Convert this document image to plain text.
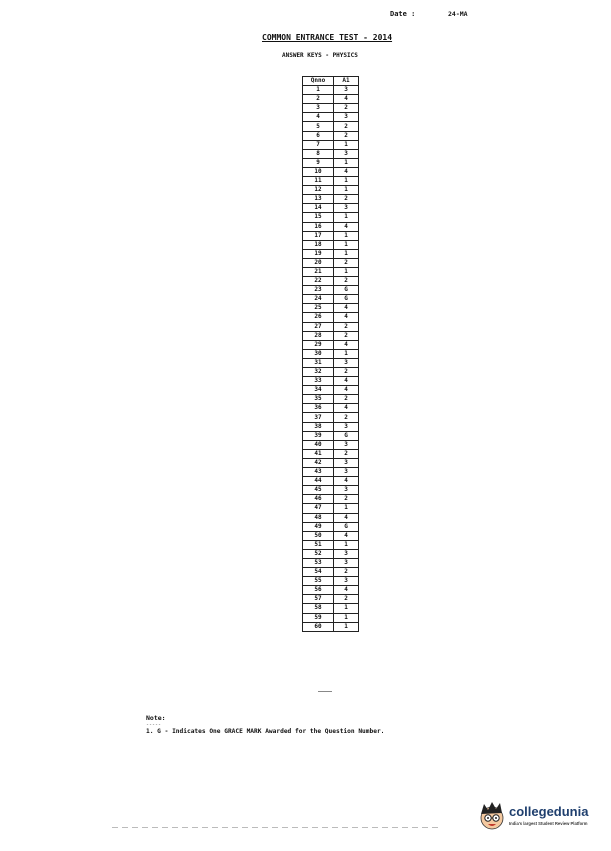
Date :	24-MA
COMMON ENTRANCE TEST - 2014
ANSWER KEYS - PHYSICS
Qnno	A1
1	3
2	4
3	2
4	3
5	2
6	2
7	1
8	3
9	1
10	4
11	1
12	1
13	2
14	3
15	1
16	4
17	1
18	1
19	1
20	2
21	1
22	2
23	G
24	G
25	4
26	4
27	2
28	2
29	4
30	1
31	3
32	2
33	4
34	4
35	2
36	4
37	2
38	3
39	G
40	3
41	2
42	3
43	3
44	4
45	3
46	2
47	1
48	4
49	G
50	4
51	1
52	3
53	3
54	2
55	3
56	4
57	2
58	1
59	1
60	1
Note:
-----
1. G - Indicates One GRACE MARK Awarded for the Question Number.
collegedunia
India's largest Student Review Platform
